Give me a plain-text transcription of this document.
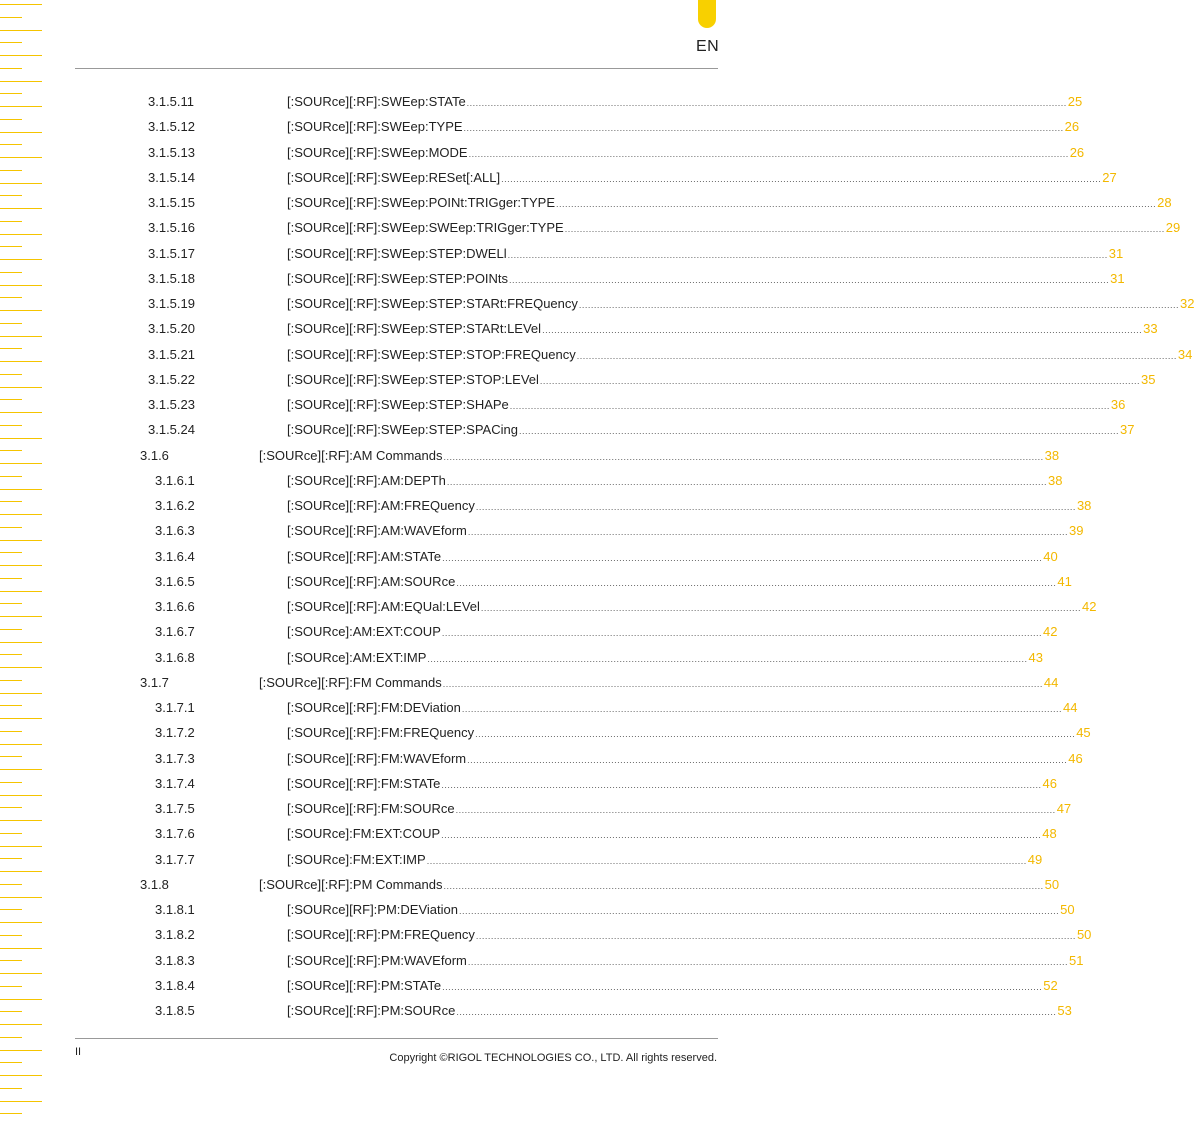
EN
3.1.5.11	[:SOURce][:RF]:SWEep:STATe ........................................................................................................................................................................................................ 25
3.1.5.12	[:SOURce][:RF]:SWEep:TYPE ........................................................................................................................................................................................................ 26
3.1.5.13	[:SOURce][:RF]:SWEep:MODE ........................................................................................................................................................................................................ 26
3.1.5.14	[:SOURce][:RF]:SWEep:RESet[:ALL] ........................................................................................................................................................................................................ 27
3.1.5.15	[:SOURce][:RF]:SWEep:POINt:TRIGger:TYPE ........................................................................................................................................................................................................ 28
3.1.5.16	[:SOURce][:RF]:SWEep:SWEep:TRIGger:TYPE ........................................................................................................................................................................................................ 29
3.1.5.17	[:SOURce][:RF]:SWEep:STEP:DWELl ........................................................................................................................................................................................................ 31
3.1.5.18	[:SOURce][:RF]:SWEep:STEP:POINts ........................................................................................................................................................................................................ 31
3.1.5.19	[:SOURce][:RF]:SWEep:STEP:STARt:FREQuency ........................................................................................................................................................................................................ 32
3.1.5.20	[:SOURce][:RF]:SWEep:STEP:STARt:LEVel ........................................................................................................................................................................................................ 33
3.1.5.21	[:SOURce][:RF]:SWEep:STEP:STOP:FREQuency ........................................................................................................................................................................................................ 34
3.1.5.22	[:SOURce][:RF]:SWEep:STEP:STOP:LEVel ........................................................................................................................................................................................................ 35
3.1.5.23	[:SOURce][:RF]:SWEep:STEP:SHAPe ........................................................................................................................................................................................................ 36
3.1.5.24	[:SOURce][:RF]:SWEep:STEP:SPACing ........................................................................................................................................................................................................ 37
3.1.6	[:SOURce][:RF]:AM Commands ........................................................................................................................................................................................................ 38
3.1.6.1	[:SOURce][:RF]:AM:DEPTh ........................................................................................................................................................................................................ 38
3.1.6.2	[:SOURce][:RF]:AM:FREQuency ........................................................................................................................................................................................................ 38
3.1.6.3	[:SOURce][:RF]:AM:WAVEform ........................................................................................................................................................................................................ 39
3.1.6.4	[:SOURce][:RF]:AM:STATe ........................................................................................................................................................................................................ 40
3.1.6.5	[:SOURce][:RF]:AM:SOURce ........................................................................................................................................................................................................ 41
3.1.6.6	[:SOURce][:RF]:AM:EQUal:LEVel ........................................................................................................................................................................................................ 42
3.1.6.7	[:SOURce]:AM:EXT:COUP ........................................................................................................................................................................................................ 42
3.1.6.8	[:SOURce]:AM:EXT:IMP ........................................................................................................................................................................................................ 43
3.1.7	[:SOURce][:RF]:FM Commands ........................................................................................................................................................................................................ 44
3.1.7.1	[:SOURce][:RF]:FM:DEViation ........................................................................................................................................................................................................ 44
3.1.7.2	[:SOURce][:RF]:FM:FREQuency ........................................................................................................................................................................................................ 45
3.1.7.3	[:SOURce][:RF]:FM:WAVEform ........................................................................................................................................................................................................ 46
3.1.7.4	[:SOURce][:RF]:FM:STATe ........................................................................................................................................................................................................ 46
3.1.7.5	[:SOURce][:RF]:FM:SOURce ........................................................................................................................................................................................................ 47
3.1.7.6	[:SOURce]:FM:EXT:COUP ........................................................................................................................................................................................................ 48
3.1.7.7	[:SOURce]:FM:EXT:IMP ........................................................................................................................................................................................................ 49
3.1.8	[:SOURce][:RF]:PM Commands ........................................................................................................................................................................................................ 50
3.1.8.1	[:SOURce][RF]:PM:DEViation ........................................................................................................................................................................................................ 50
3.1.8.2	[:SOURce][:RF]:PM:FREQuency ........................................................................................................................................................................................................ 50
3.1.8.3	[:SOURce][:RF]:PM:WAVEform ........................................................................................................................................................................................................ 51
3.1.8.4	[:SOURce][:RF]:PM:STATe ........................................................................................................................................................................................................ 52
3.1.8.5	[:SOURce][:RF]:PM:SOURce ........................................................................................................................................................................................................ 53
II	Copyright ©RIGOL TECHNOLOGIES CO., LTD. All rights reserved.
